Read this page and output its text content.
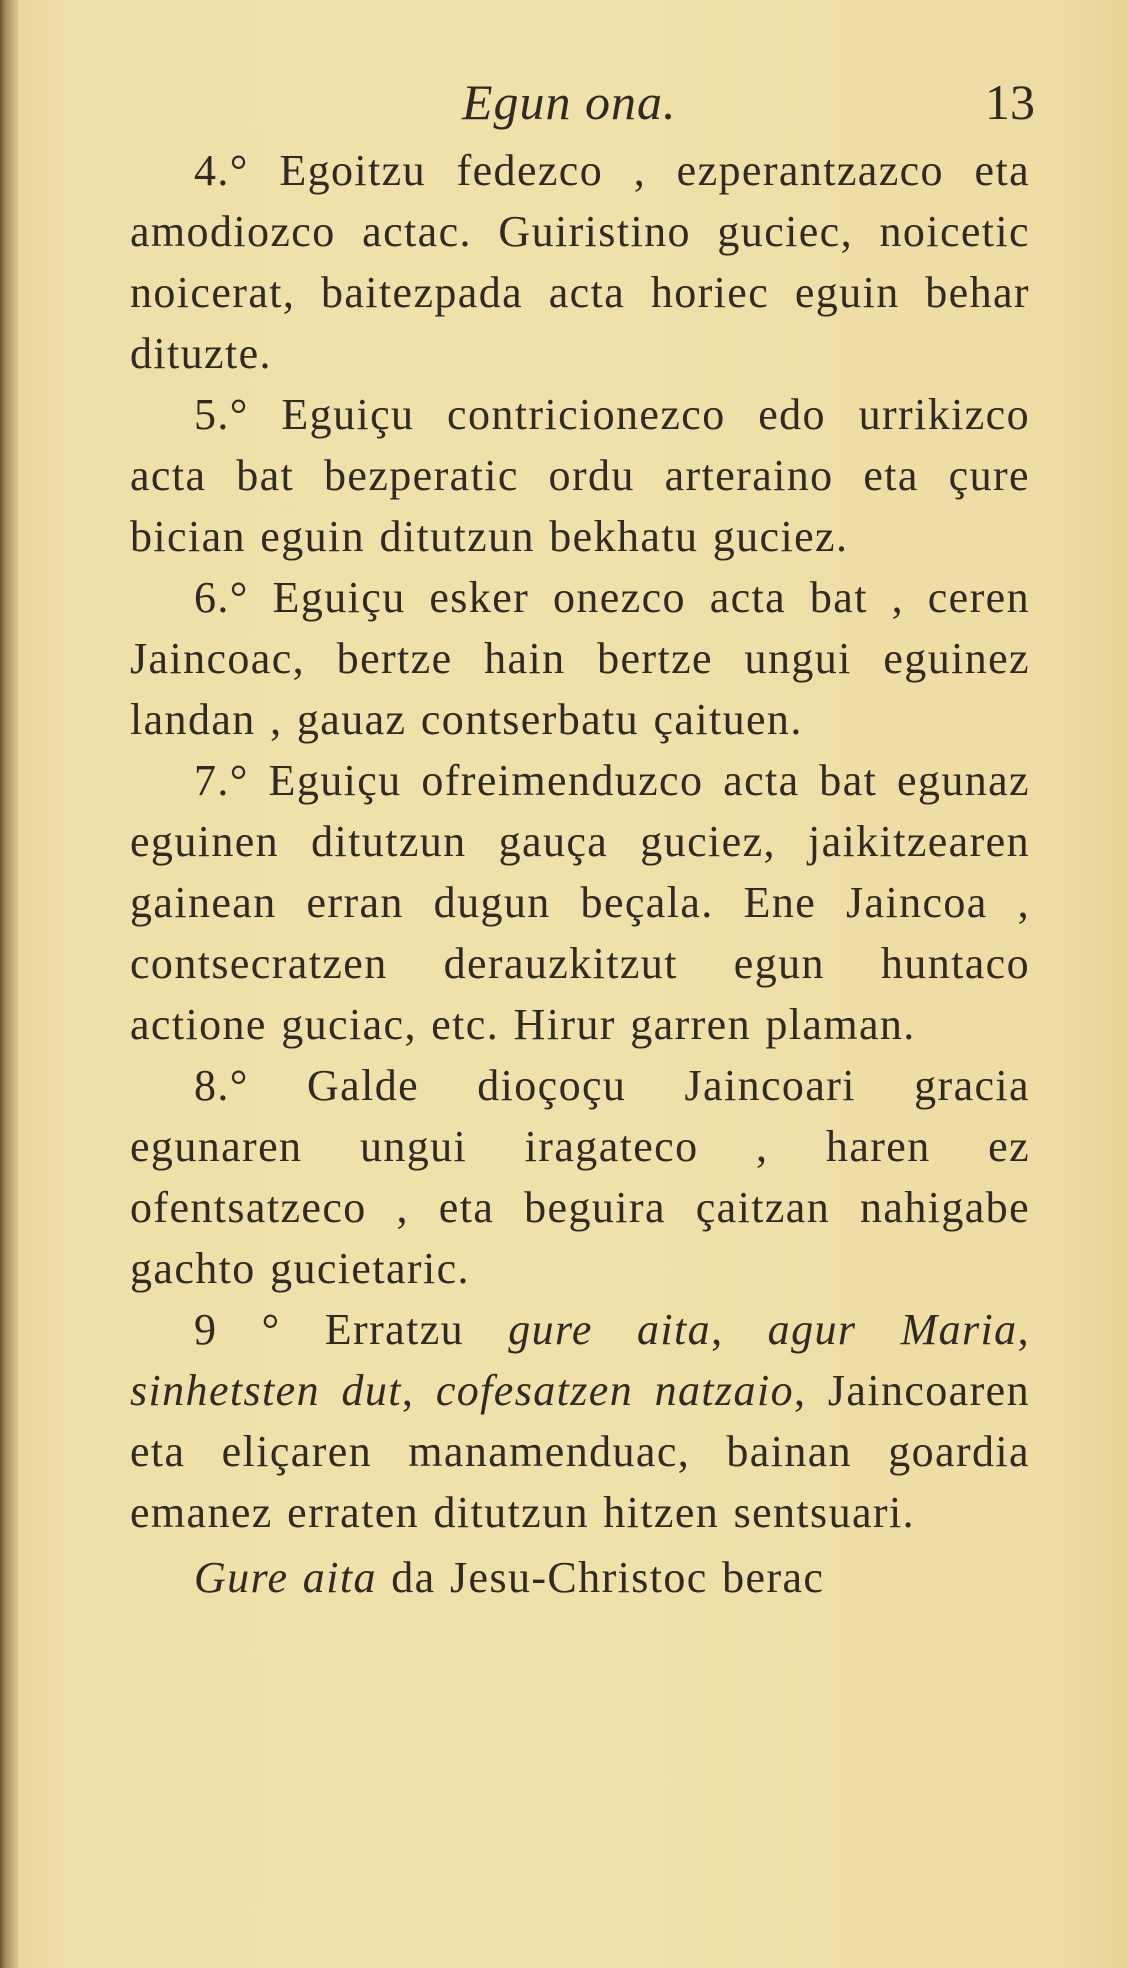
Egun ona.	13

4.° Egoitzu fedezco , ezperantzazco eta amodiozco actac. Guiristino guciec, noicetic noicerat, baitezpada acta horiec eguin behar dituzte.

5.° Eguiçu contricionezco edo urrikizco acta bat bezperatic ordu arteraino eta çure bician eguin ditutzun bekhatu guciez.

6.° Eguiçu esker onezco acta bat , ceren Jaincoac, bertze hain bertze ungui eguinez landan , gauaz contserbatu çaituen.

7.° Eguiçu ofreimenduzco acta bat egunaz eguinen ditutzun gauça guciez, jaikitzearen gainean erran dugun beçala. Ene Jaincoa , contsecratzen derauzkitzut egun huntaco actione guciac, etc. Hirur garren plaman.

8.° Galde dioçoçu Jaincoari gracia egunaren ungui iragateco , haren ez ofentsatzeco , eta beguira çaitzan nahigabe gachto gucietaric.

9 ° Erratzu gure aita, agur Maria, sinhetsten dut, cofesatzen natzaio, Jaincoaren eta eliçaren manamenduac, bainan goardia emanez erraten ditutzun hitzen sentsuari.

Gure aita da Jesu-Christoc berac
